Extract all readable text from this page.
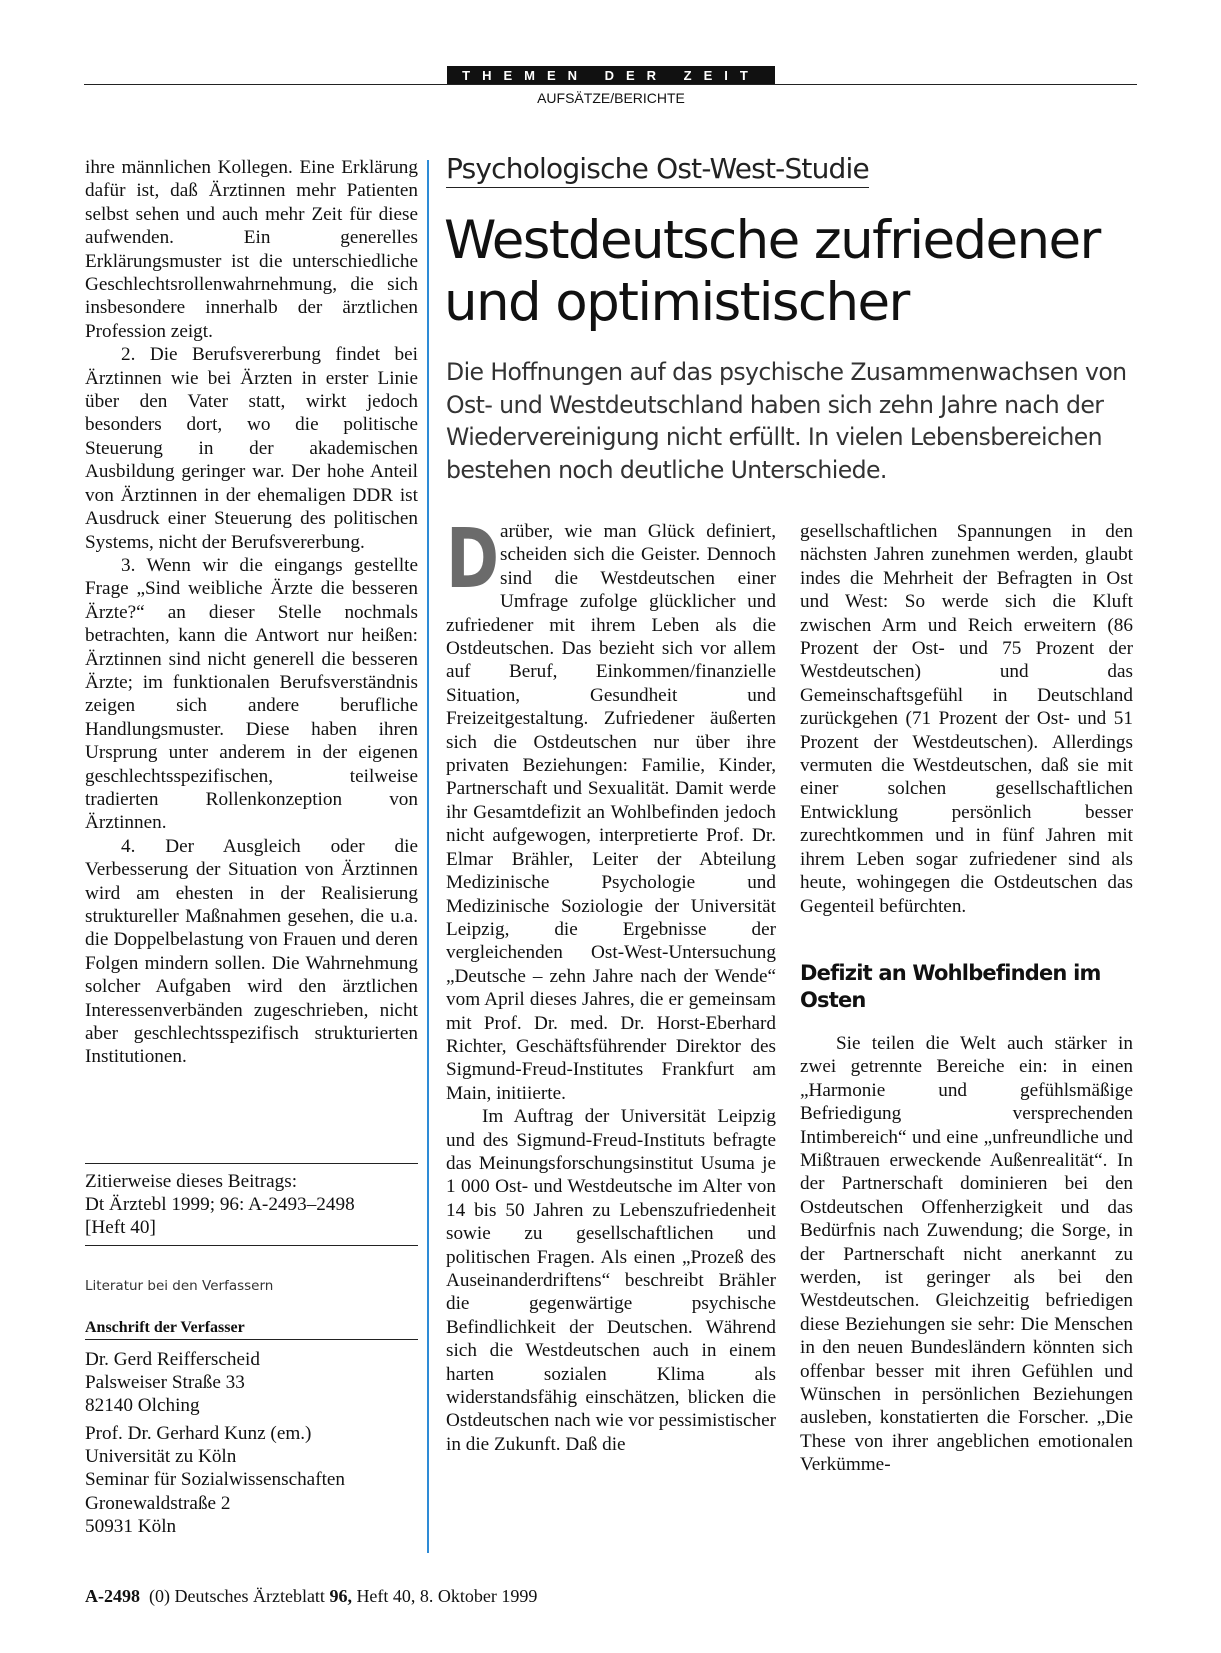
THEMEN DER ZEIT
AUFSÄTZE/BERICHTE

ihre männlichen Kollegen. Eine Erklärung dafür ist, daß Ärztinnen mehr Patienten selbst sehen und auch mehr Zeit für diese aufwenden. Ein generelles Erklärungsmuster ist die unterschiedliche Geschlechtsrollenwahrnehmung, die sich insbesondere innerhalb der ärztlichen Profession zeigt.

2. Die Berufsvererbung findet bei Ärztinnen wie bei Ärzten in erster Linie über den Vater statt, wirkt jedoch besonders dort, wo die politische Steuerung in der akademischen Ausbildung geringer war. Der hohe Anteil von Ärztinnen in der ehemaligen DDR ist Ausdruck einer Steuerung des politischen Systems, nicht der Berufsvererbung.

3. Wenn wir die eingangs gestellte Frage „Sind weibliche Ärzte die besseren Ärzte?“ an dieser Stelle nochmals betrachten, kann die Antwort nur heißen: Ärztinnen sind nicht generell die besseren Ärzte; im funktionalen Berufsverständnis zeigen sich andere berufliche Handlungsmuster. Diese haben ihren Ursprung unter anderem in der eigenen geschlechtsspezifischen, teilweise tradierten Rollenkonzeption von Ärztinnen.

4. Der Ausgleich oder die Verbesserung der Situation von Ärztinnen wird am ehesten in der Realisierung struktureller Maßnahmen gesehen, die u.a. die Doppelbelastung von Frauen und deren Folgen mindern sollen. Die Wahrnehmung solcher Aufgaben wird den ärztlichen Interessenverbänden zugeschrieben, nicht aber geschlechtsspezifisch strukturierten Institutionen.

Zitierweise dieses Beitrags:
Dt Ärztebl 1999; 96: A-2493–2498
[Heft 40]
Literatur bei den Verfassern
Anschrift der Verfasser
Dr. Gerd Reifferscheid
Palsweiser Straße 33
82140 Olching
Prof. Dr. Gerhard Kunz (em.)
Universität zu Köln
Seminar für Sozialwissenschaften
Gronewaldstraße 2
50931 Köln
Psychologische Ost-West-Studie
Westdeutsche zufriedener und optimistischer
Die Hoffnungen auf das psychische Zusammenwachsen von Ost- und Westdeutschland haben sich zehn Jahre nach der Wiedervereinigung nicht erfüllt. In vielen Lebensbereichen bestehen noch deutliche Unterschiede.

Darüber, wie man Glück definiert, scheiden sich die Geister. Dennoch sind die Westdeutschen einer Umfrage zufolge glücklicher und zufriedener mit ihrem Leben als die Ostdeutschen. Das bezieht sich vor allem auf Beruf, Einkommen/finanzielle Situation, Gesundheit und Freizeitgestaltung. Zufriedener äußerten sich die Ostdeutschen nur über ihre privaten Beziehungen: Familie, Kinder, Partnerschaft und Sexualität. Damit werde ihr Gesamtdefizit an Wohlbefinden jedoch nicht aufgewogen, interpretierte Prof. Dr. Elmar Brähler, Leiter der Abteilung Medizinische Psychologie und Medizinische Soziologie der Universität Leipzig, die Ergebnisse der vergleichenden Ost-West-Untersuchung „Deutsche – zehn Jahre nach der Wende“ vom April dieses Jahres, die er gemeinsam mit Prof. Dr. med. Dr. Horst-Eberhard Richter, Geschäftsführender Direktor des Sigmund-Freud-Institutes Frankfurt am Main, initiierte.

Im Auftrag der Universität Leipzig und des Sigmund-Freud-Instituts befragte das Meinungsforschungsinstitut Usuma je 1 000 Ost- und Westdeutsche im Alter von 14 bis 50 Jahren zu Lebenszufriedenheit sowie zu gesellschaftlichen und politischen Fragen. Als einen „Prozeß des Auseinanderdriftens“ beschreibt Brähler die gegenwärtige psychische Befindlichkeit der Deutschen. Während sich die Westdeutschen auch in einem harten sozialen Klima als widerstandsfähig einschätzen, blicken die Ostdeutschen nach wie vor pessimistischer in die Zukunft. Daß die

gesellschaftlichen Spannungen in den nächsten Jahren zunehmen werden, glaubt indes die Mehrheit der Befragten in Ost und West: So werde sich die Kluft zwischen Arm und Reich erweitern (86 Prozent der Ost- und 75 Prozent der Westdeutschen) und das Gemeinschaftsgefühl in Deutschland zurückgehen (71 Prozent der Ost- und 51 Prozent der Westdeutschen). Allerdings vermuten die Westdeutschen, daß sie mit einer solchen gesellschaftlichen Entwicklung persönlich besser zurechtkommen und in fünf Jahren mit ihrem Leben sogar zufriedener sind als heute, wohingegen die Ostdeutschen das Gegenteil befürchten.

Defizit an Wohlbefinden im Osten

Sie teilen die Welt auch stärker in zwei getrennte Bereiche ein: in einen „Harmonie und gefühlsmäßige Befriedigung versprechenden Intimbereich“ und eine „unfreundliche und Mißtrauen erweckende Außenrealität“. In der Partnerschaft dominieren bei den Ostdeutschen Offenherzigkeit und das Bedürfnis nach Zuwendung; die Sorge, in der Partnerschaft nicht anerkannt zu werden, ist geringer als bei den Westdeutschen. Gleichzeitig befriedigen diese Beziehungen sie sehr: Die Menschen in den neuen Bundesländern könnten sich offenbar besser mit ihren Gefühlen und Wünschen in persönlichen Beziehungen ausleben, konstatierten die Forscher. „Die These von ihrer angeblichen emotionalen Verkümme-

A-2498 (0) Deutsches Ärzteblatt 96, Heft 40, 8. Oktober 1999
